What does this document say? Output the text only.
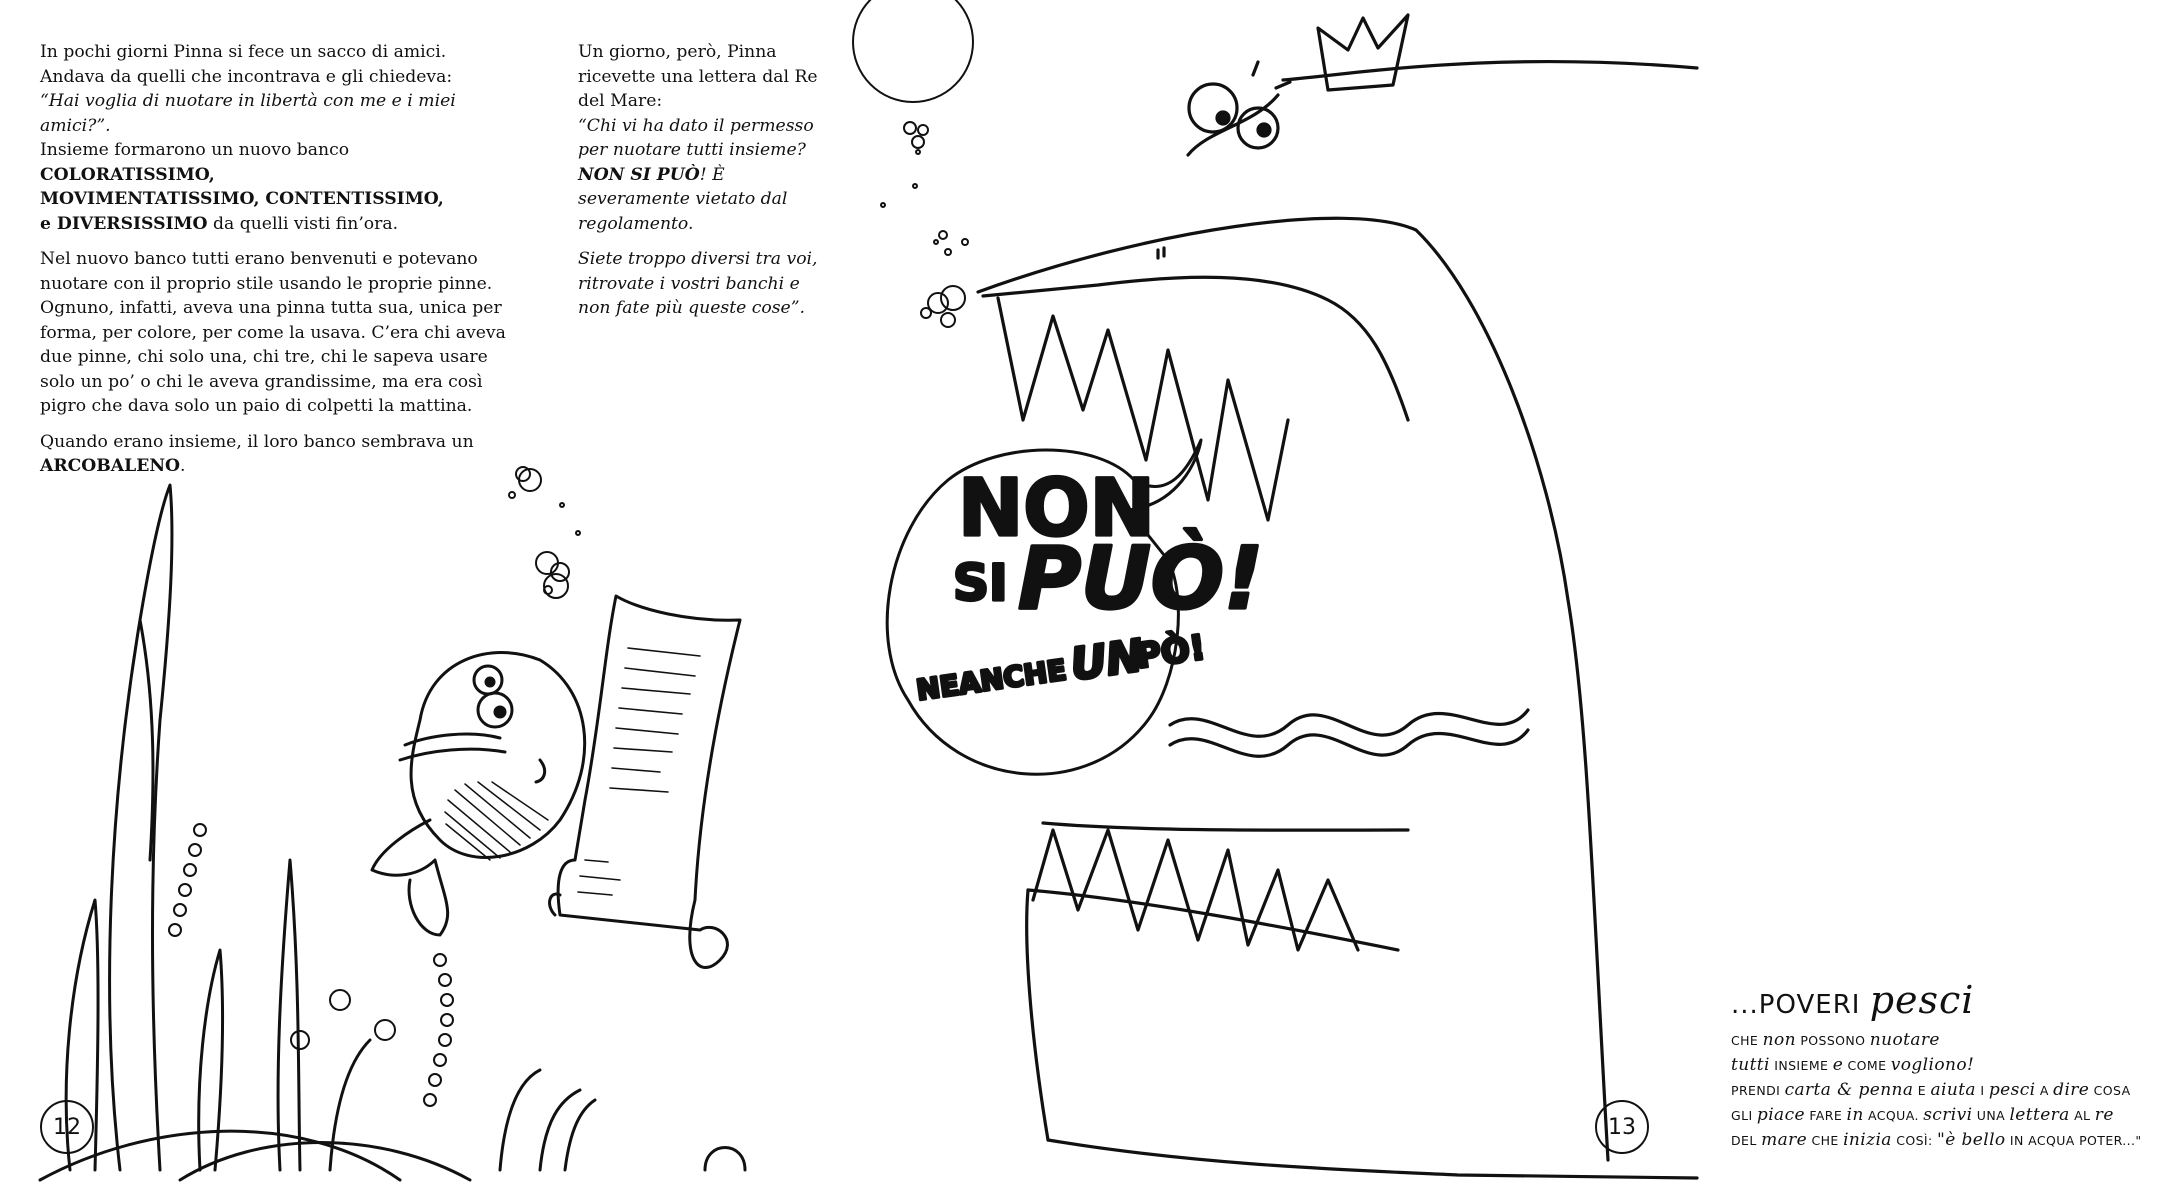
In pochi giorni Pinna si fece un sacco di amici.
Andava da quelli che incontrava e gli chiedeva:
“Hai voglia di nuotare in libertà con me e i miei amici?”.
Insieme formarono un nuovo banco COLORATISSIMO,
MOVIMENTATISSIMO, CONTENTISSIMO,
e DIVERSISSIMO da quelli visti fin’ora.

Nel nuovo banco tutti erano benvenuti e potevano nuotare con il proprio stile usando le proprie pinne. Ognuno, infatti, aveva una pinna tutta sua, unica per forma, per colore, per come la usava. C’era chi aveva due pinne, chi solo una, chi tre, chi le sapeva usare solo un po’ o chi le aveva grandissime, ma era così pigro che dava solo un paio di colpetti la mattina.

Quando erano insieme, il loro banco sembrava un
ARCOBALENO.

Un giorno, però, Pinna ricevette una lettera dal Re del Mare:
“Chi vi ha dato il permesso per nuotare tutti insieme?
NON SI PUÒ! È severamente vietato dal regolamento.

Siete troppo diversi tra voi, ritrovate i vostri banchi e non fate più queste cose”.

12
NON
SI PUÒ!
NEANCHE UN
PÒ!
...POVERI pesci
CHE non POSSONO nuotare
tutti INSIEME e COME vogliono!
PRENDI carta & penna E aiuta I pesci A dire COSA
GLI piace FARE in ACQUA. scrivi UNA lettera AL re
DEL mare CHE inizia COSÌ: "è bello IN ACQUA POTER..."
13
